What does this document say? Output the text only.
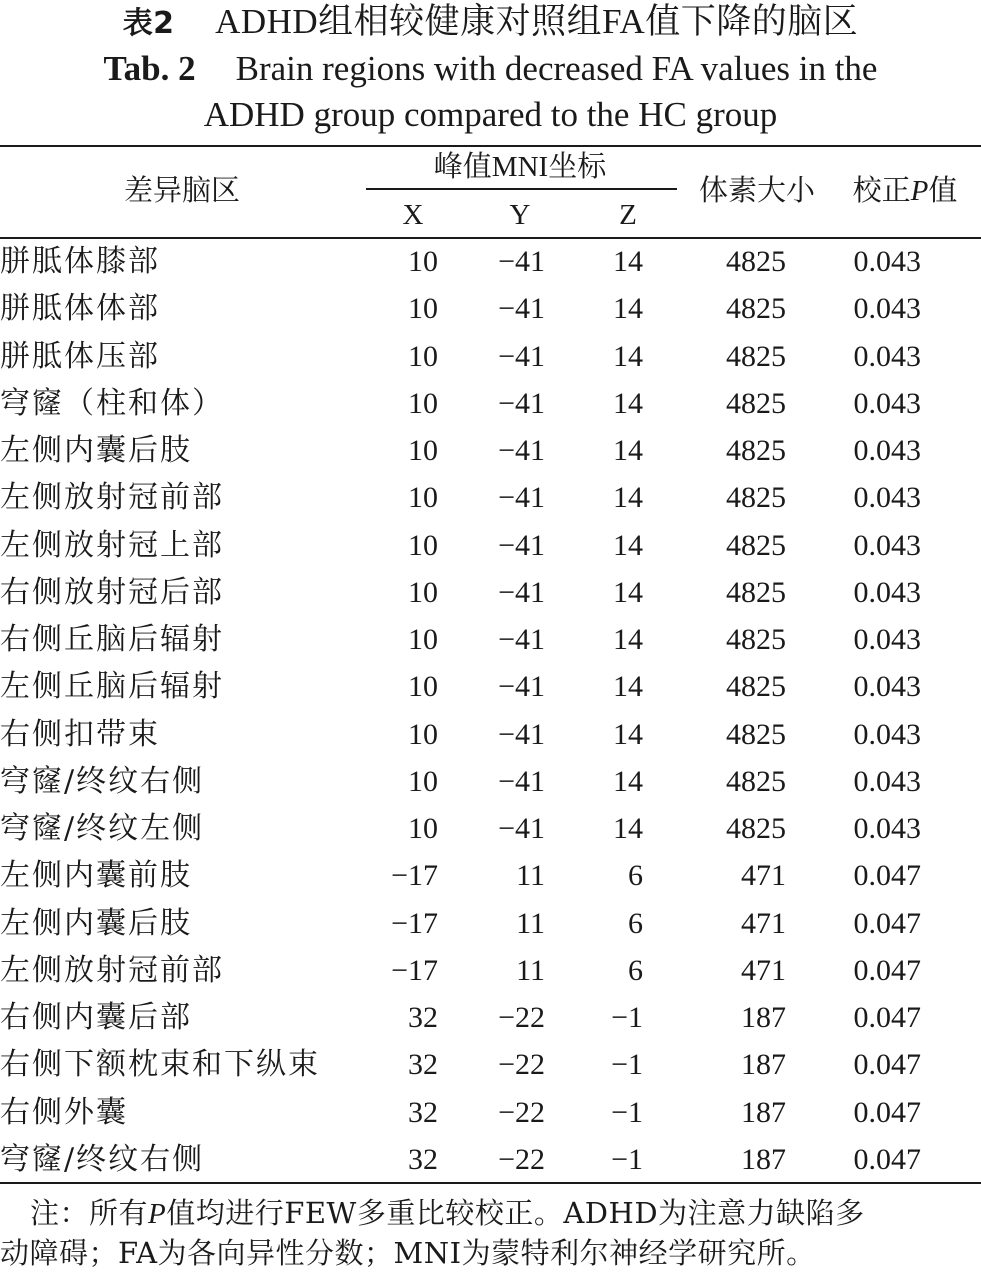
表2 ADHD组相较健康对照组FA值下降的脑区
Tab. 2 Brain regions with decreased FA values in the
ADHD group compared to the HC group
差异脑区
峰值MNI坐标
X	Y	Z
体素大小 校正P值
胼胝体膝部	10	−41	14	4825	0.043	
胼胝体体部	10	−41	14	4825	0.043	
胼胝体压部	10	−41	14	4825	0.043	
穹窿（柱和体）	10	−41	14	4825	0.043	
左侧内囊后肢	10	−41	14	4825	0.043	
左侧放射冠前部	10	−41	14	4825	0.043	
左侧放射冠上部	10	−41	14	4825	0.043	
右侧放射冠后部	10	−41	14	4825	0.043	
右侧丘脑后辐射	10	−41	14	4825	0.043	
左侧丘脑后辐射	10	−41	14	4825	0.043	
右侧扣带束	10	−41	14	4825	0.043	
穹窿/终纹右侧	10	−41	14	4825	0.043	
穹窿/终纹左侧	10	−41	14	4825	0.043	
左侧内囊前肢	−17	11	6	471	0.047	
左侧内囊后肢	−17	11	6	471	0.047	
左侧放射冠前部	−17	11	6	471	0.047	
右侧内囊后部	32	−22	−1	187	0.047	
右侧下额枕束和下纵束	32	−22	−1	187	0.047	
右侧外囊	32	−22	−1	187	0.047	
穹窿/终纹右侧	32	−22	−1	187	0.047	
注：所有P值均进行FEW多重比较校正。ADHD为注意力缺陷多
动障碍；FA为各向异性分数；MNI为蒙特利尔神经学研究所。
